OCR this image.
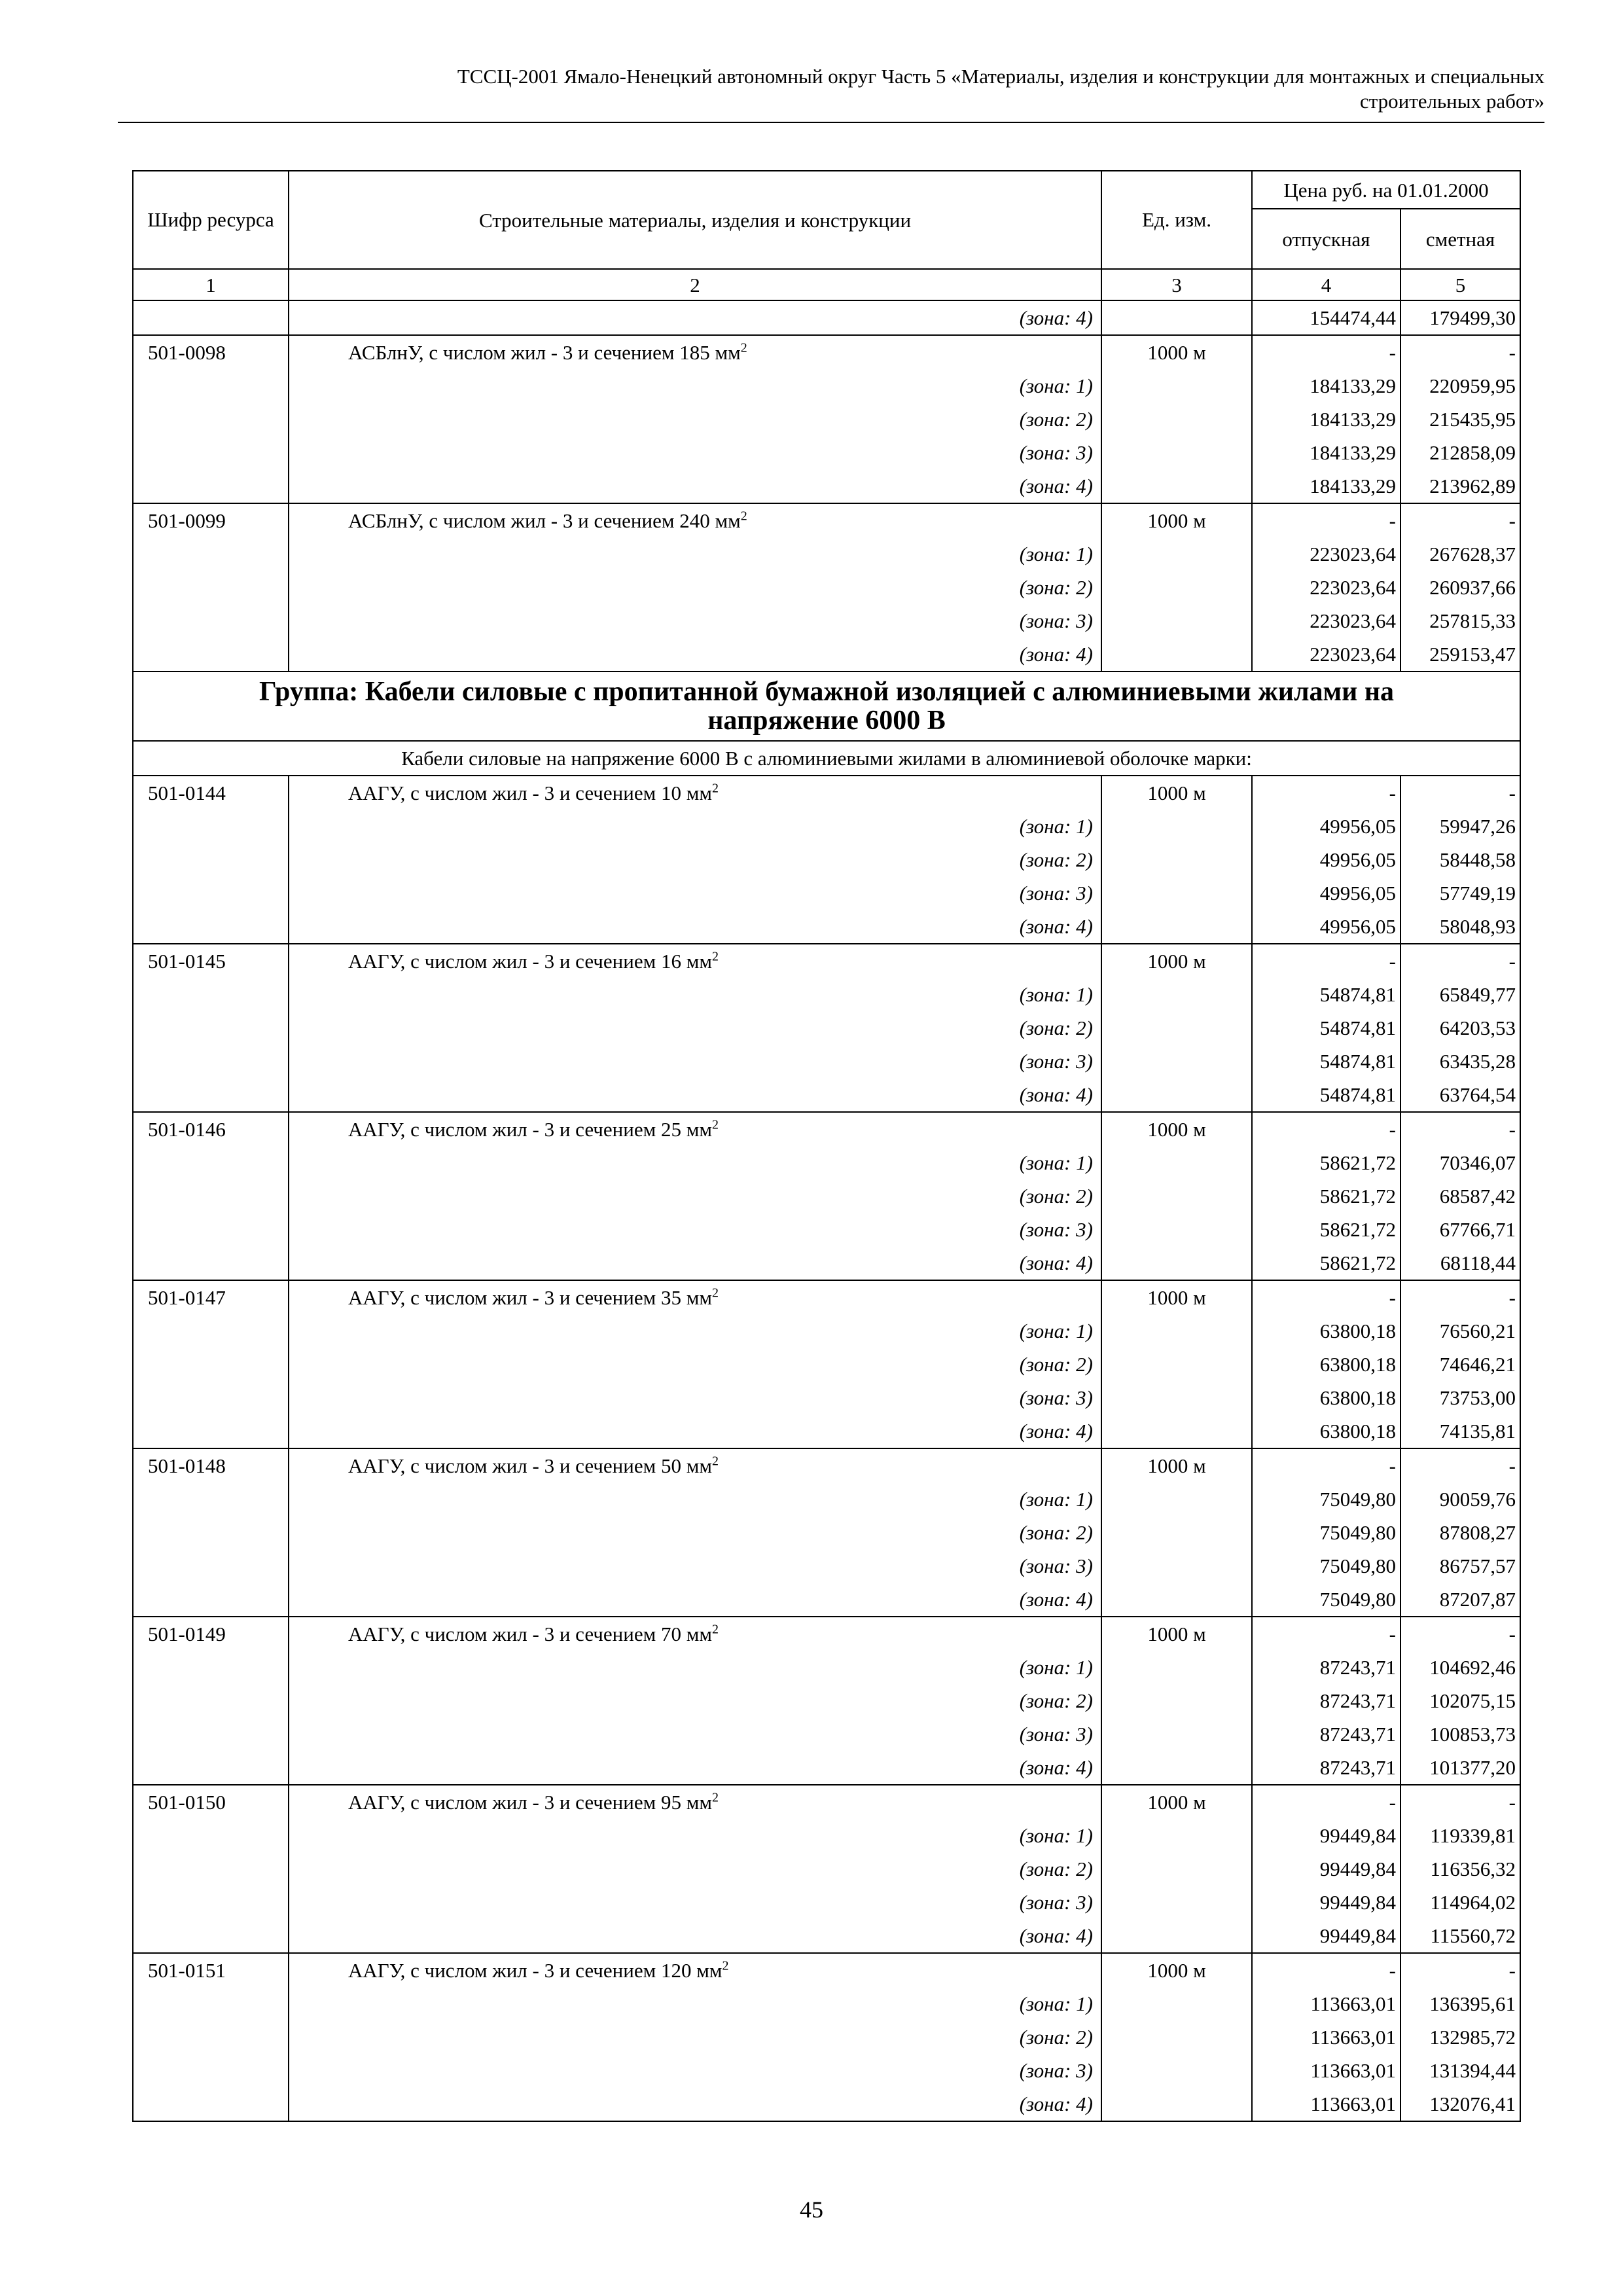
ТССЦ-2001 Ямало-Ненецкий автономный округ Часть 5 «Материалы, изделия и конструкции для монтажных и специальных
строительных работ»
Шифр ресурса	Строительные материалы, изделия и конструкции	Ед. изм.	Цена руб. на 01.01.2000	
			отпускная	сметная
1	2	3	4	5
	(зона: 4)		154474,44	179499,30
501-0098	АСБлнУ, с числом жил - 3 и сечением 185 $мм^2$	1000 м	-	-
	(зона: 1)		184133,29	220959,95
	(зона: 2)		184133,29	215435,95
	(зона: 3)		184133,29	212858,09
	(зона: 4)		184133,29	213962,89
501-0099	АСБлнУ, с числом жил - 3 и сечением 240 $мм^2$	1000 м	-	-
	(зона: 1)		223023,64	267628,37
	(зона: 2)		223023,64	260937,66
	(зона: 3)		223023,64	257815,33
	(зона: 4)		223023,64	259153,47

Группа: Кабели силовые с пропитанной бумажной изоляцией с алюминиевыми жилами на
напряжение 6000 В				

Кабели силовые на напряжение 6000 В с алюминиевыми жилами в алюминиевой оболочке марки:				
501-0144	ААГУ, с числом жил - 3 и сечением 10 $мм^2$	1000 м	-	-
	(зона: 1)		49956,05	59947,26
	(зона: 2)		49956,05	58448,58
	(зона: 3)		49956,05	57749,19
	(зона: 4)		49956,05	58048,93
501-0145	ААГУ, с числом жил - 3 и сечением 16 $мм^2$	1000 м	-	-
	(зона: 1)		54874,81	65849,77
	(зона: 2)		54874,81	64203,53
	(зона: 3)		54874,81	63435,28
	(зона: 4)		54874,81	63764,54
501-0146	ААГУ, с числом жил - 3 и сечением 25 $мм^2$	1000 м	-	-
	(зона: 1)		58621,72	70346,07
	(зона: 2)		58621,72	68587,42
	(зона: 3)		58621,72	67766,71
	(зона: 4)		58621,72	68118,44
501-0147	ААГУ, с числом жил - 3 и сечением 35 $мм^2$	1000 м	-	-
	(зона: 1)		63800,18	76560,21
	(зона: 2)		63800,18	74646,21
	(зона: 3)		63800,18	73753,00
	(зона: 4)		63800,18	74135,81
501-0148	ААГУ, с числом жил - 3 и сечением 50 $мм^2$	1000 м	-	-
	(зона: 1)		75049,80	90059,76
	(зона: 2)		75049,80	87808,27
	(зона: 3)		75049,80	86757,57
	(зона: 4)		75049,80	87207,87
501-0149	ААГУ, с числом жил - 3 и сечением 70 $мм^2$	1000 м	-	-
	(зона: 1)		87243,71	104692,46
	(зона: 2)		87243,71	102075,15
	(зона: 3)		87243,71	100853,73
	(зона: 4)		87243,71	101377,20
501-0150	ААГУ, с числом жил - 3 и сечением 95 $мм^2$	1000 м	-	-
	(зона: 1)		99449,84	119339,81
	(зона: 2)		99449,84	116356,32
	(зона: 3)		99449,84	114964,02
	(зона: 4)		99449,84	115560,72
501-0151	ААГУ, с числом жил - 3 и сечением 120 $мм^2$	1000 м	-	-
	(зона: 1)		113663,01	136395,61
	(зона: 2)		113663,01	132985,72
	(зона: 3)		113663,01	131394,44
	(зона: 4)		113663,01	132076,41
45
